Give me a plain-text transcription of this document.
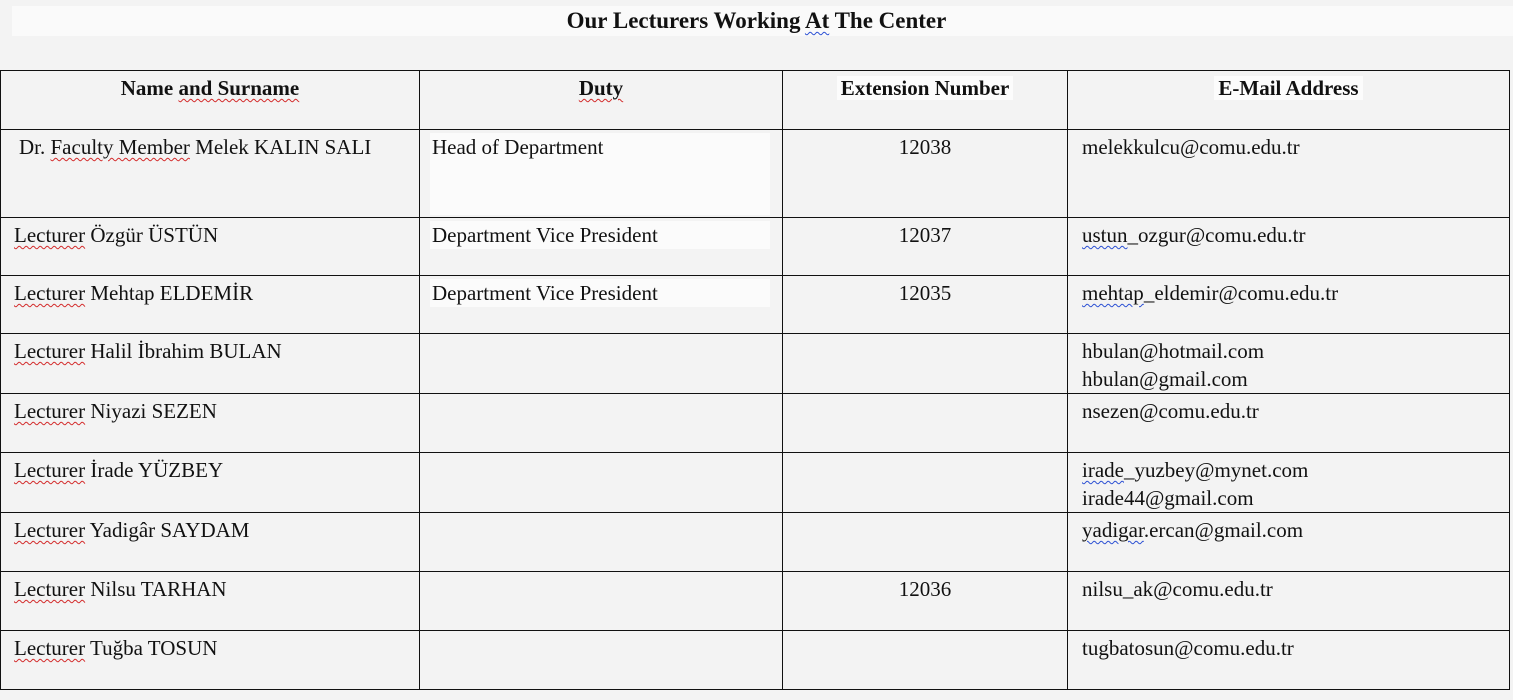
Our Lecturers Working At The Center
Name and Surname	Duty	Extension Number	E-Mail Address

Dr. Faculty Member Melek KALIN SALI	Head of Department	12038	melekkulcu@comu.edu.tr

Lecturer Özgür ÜSTÜN	Department Vice President	12037	ustun_ozgur@comu.edu.tr

Lecturer Mehtap ELDEMİR	Department Vice President	12035	mehtap_eldemir@comu.edu.tr

Lecturer Halil İbrahim BULAN			hbulan@hotmail.com
hbulan@gmail.com

Lecturer Niyazi SEZEN			nsezen@comu.edu.tr

Lecturer İrade YÜZBEY			irade_yuzbey@mynet.com
irade44@gmail.com

Lecturer Yadigâr SAYDAM			yadigar.ercan@gmail.com

Lecturer Nilsu TARHAN		12036	nilsu_ak@comu.edu.tr

Lecturer Tuğba TOSUN			tugbatosun@comu.edu.tr
